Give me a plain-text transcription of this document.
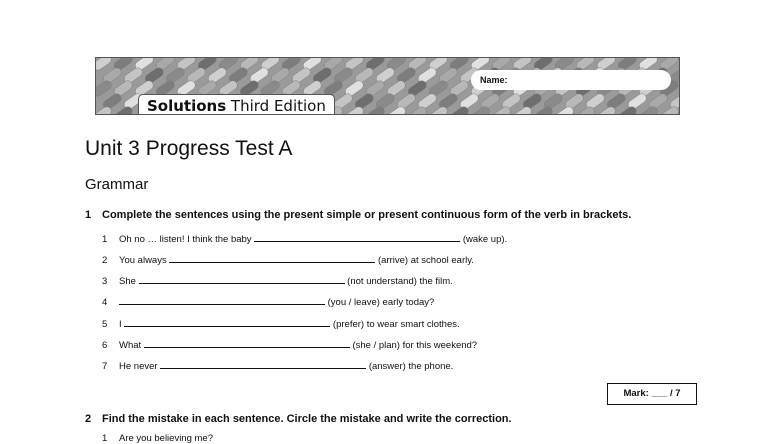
Name:
Solutions Third Edition
Unit 3 Progress Test A
Grammar
1 Complete the sentences using the present simple or present continuous form of the verb in brackets.
1 Oh no … listen! I think the baby	(wake up).
2 You always	(arrive) at school early.
3 She	(not understand) the film.
4	(you / leave) early today?
5 I	(prefer) to wear smart clothes.
6 What	(she / plan) for this weekend?
7 He never	(answer) the phone.
Mark: ___ / 7
2 Find the mistake in each sentence. Circle the mistake and write the correction.
1 Are you believing me?
